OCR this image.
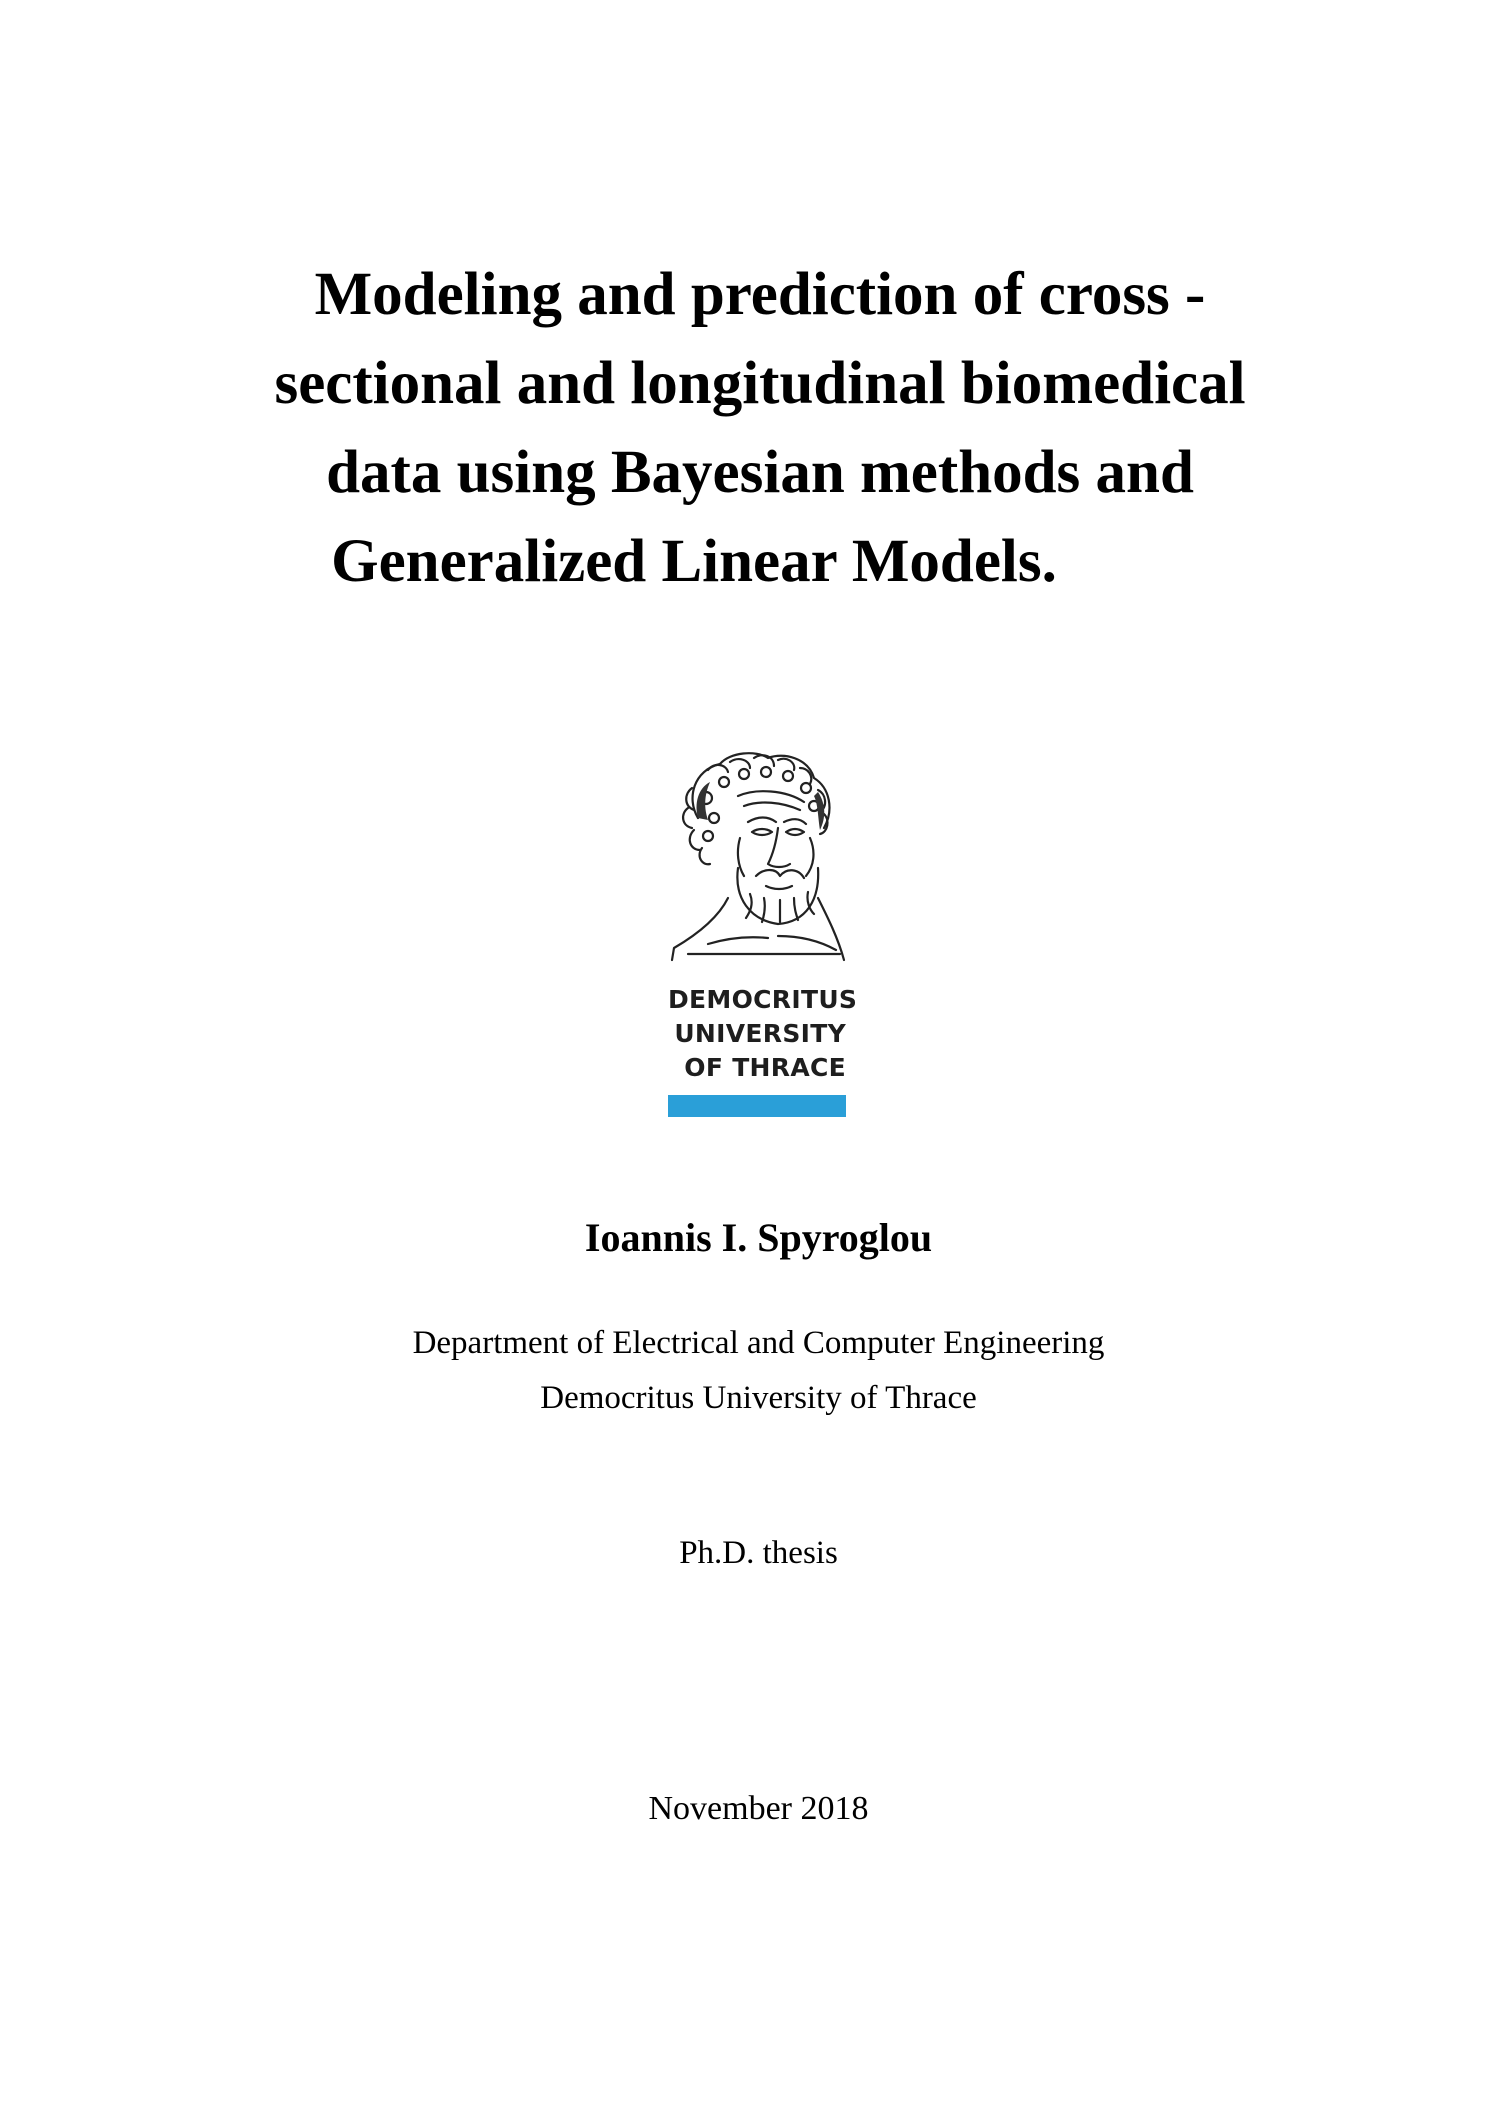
Modeling and prediction of cross -
sectional and longitudinal biomedical
data using Bayesian methods and
Generalized Linear Models.
DEMOCRITUS
UNIVERSITY
OF THRACE
Ioannis I. Spyroglou
Department of Electrical and Computer Engineering
Democritus University of Thrace
Ph.D. thesis
November 2018
